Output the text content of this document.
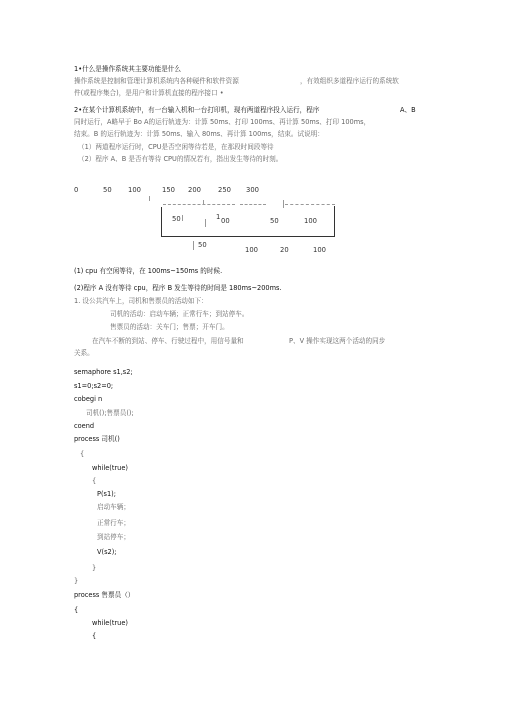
1•什么是操作系统其主要功能是什么
操作系统是控制和管理计算机系统内各种硬件和软件资源	，有效组织多道程序运行的系统软
件(或程序集合)，是用户和计算机直接的程序接口 •
2•在某个计算机系统中，有一台输入机和一台打印机，现有两道程序投入运行，程序	A、B
同时运行，A略早于 Bo A的运行轨迹为：计算 50ms、打印 100ms、再计算 50ms、打印 100ms，
结束。B 的运行轨迹为：计算 50ms、输入 80ms、再计算 100ms，结束。试说明：
（1）两道程序运行时，CPU是否空闲等待若是，在那段时间段等待
（2）程序 A、B 是否有等待 CPU的情况若有，指出发生等待的时刻。
0	50 100	150 200	250 300
50	1 00	50	100
50
100	20	100
(1) cpu 有空闲等待，在 100ms~150ms 的时候.
(2)程序 A 没有等待 cpu，程序 B 发生等待的时间是 180ms~200ms.
1. 设公共汽车上，司机和售票员的活动如下：
司机的活动：启动车辆；正常行车；到站停车。
售票员的活动：关车门；售票；开车门。
在汽车不断的到站、停车、行驶过程中，用信号量和	P、V 操作实现这两个活动的同步
关系。
semaphore s1,s2;
s1=0;s2=0;
cobegi n
司机();售票员();
coend
process 司机()
{
while(true)
{
P(s1);
启动车辆；
正常行车；
到站停车；
V(s2);
}
}
process 售票员（）
{
while(true)
{
